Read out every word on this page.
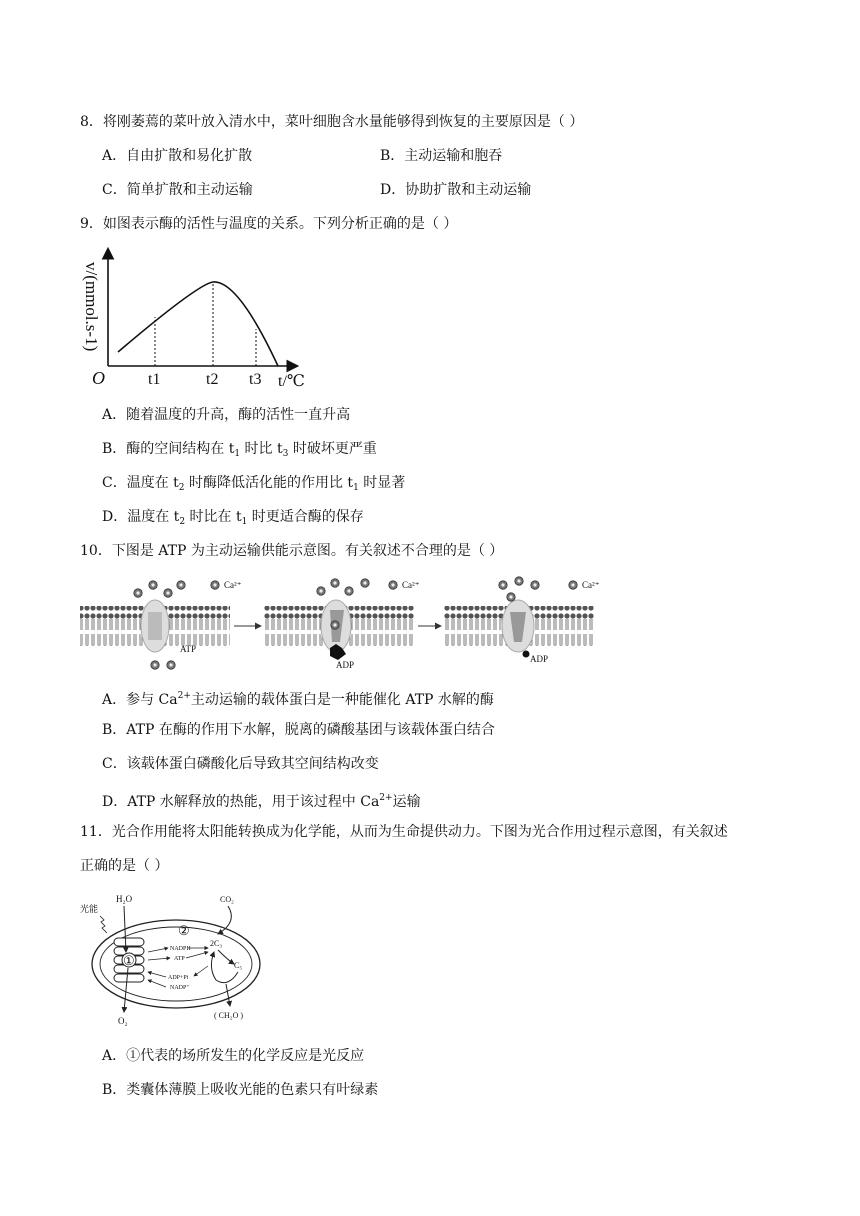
8．将刚萎蔫的菜叶放入清水中，菜叶细胞含水量能够得到恢复的主要原因是（ ）
A．自由扩散和易化扩散	B．主动运输和胞吞
C．简单扩散和主动运输	D．协助扩散和主动运输
9．如图表示酶的活性与温度的关系。下列分析正确的是（ ）
v/(mmol.s-1)
O	t1	t2 t3 t/℃
A．随着温度的升高，酶的活性一直升高
B．酶的空间结构在 $t_1$ 时比 $t_3$ 时破坏更严重
C．温度在 $t_2$ 时酶降低活化能的作用比 $t_1$ 时显著
D．温度在 $t_2$ 时比在 $t_1$ 时更适合酶的保存
10．下图是 ATP 为主动运输供能示意图。有关叙述不合理的是（ ）
Ca²⁺
ATP
Ca²⁺
ADP
Ca²⁺
ADP
A．参与 $Ca^{2+}$主动运输的载体蛋白是一种能催化 ATP 水解的酶
B．ATP 在酶的作用下水解，脱离的磷酸基团与该载体蛋白结合
C．该载体蛋白磷酸化后导致其空间结构改变
D．ATP 水解释放的热能，用于该过程中 $Ca^{2+}$运输
11．光合作用能将太阳能转换成为化学能，从而为生命提供动力。下图为光合作用过程示意图，有关叙述
正确的是（ ）
①
②
光能
H₂O
O₂
CO₂
2C₃
C₅
( CH₂O )
NADPH
ATP
ADP+Pi
NADP⁺
A．①代表的场所发生的化学反应是光反应
B．类囊体薄膜上吸收光能的色素只有叶绿素
